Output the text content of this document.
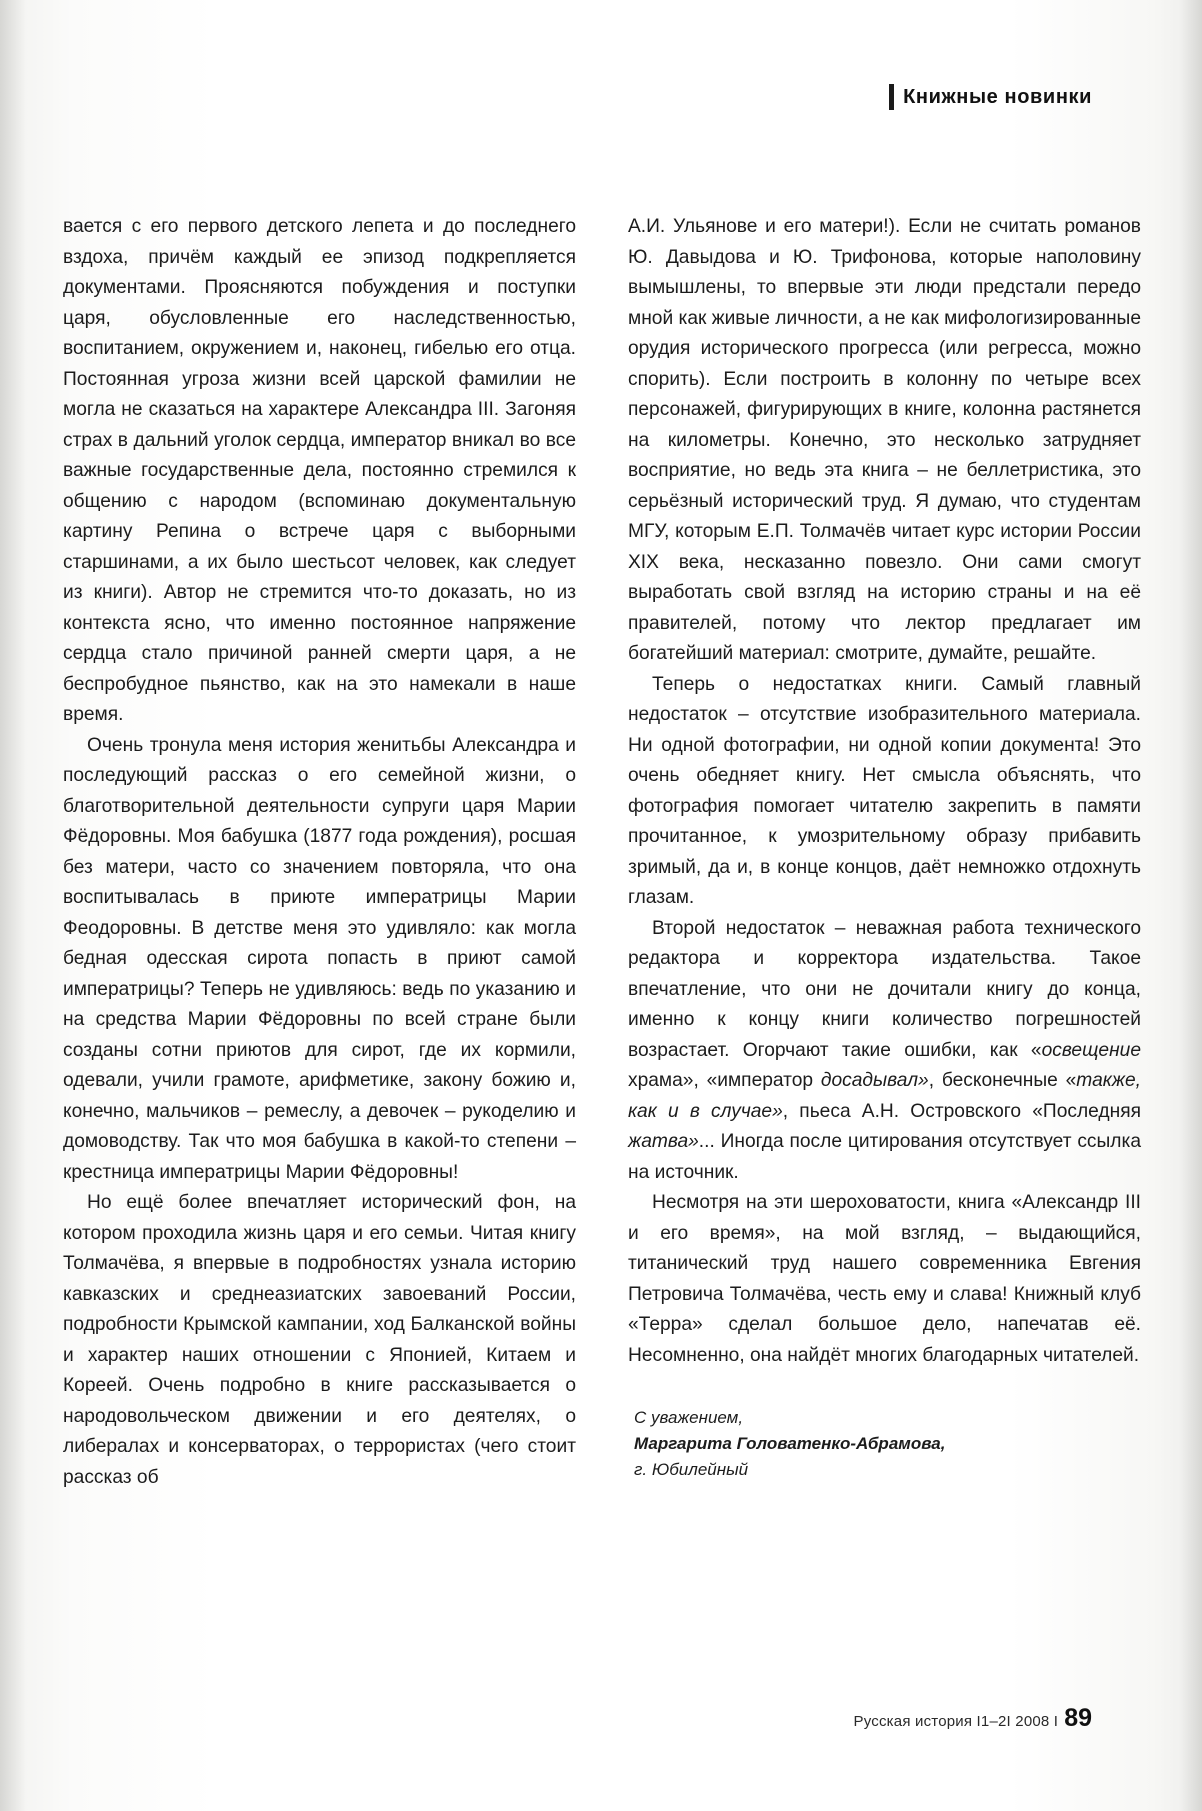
Книжные новинки

вается с его первого детского лепета и до последнего вздоха, причём каждый ее эпизод подкрепляется документами. Проясняются побуждения и поступки царя, обусловленные его наследственностью, воспитанием, окружением и, наконец, гибелью его отца. Постоянная угроза жизни всей царской фамилии не могла не сказаться на характере Александра III. Загоняя страх в дальний уголок сердца, император вникал во все важные государственные дела, постоянно стремился к общению с народом (вспоминаю документальную картину Репина о встрече царя с выборными старшинами, а их было шестьсот человек, как следует из книги). Автор не стремится что-то доказать, но из контекста ясно, что именно постоянное напряжение сердца стало причиной ранней смерти царя, а не беспробудное пьянство, как на это намекали в наше время.

Очень тронула меня история женитьбы Александра и последующий рассказ о его семейной жизни, о благотворительной деятельности супруги царя Марии Фёдоровны. Моя бабушка (1877 года рождения), росшая без матери, часто со значением повторяла, что она воспитывалась в приюте императрицы Марии Феодоровны. В детстве меня это удивляло: как могла бедная одесская сирота попасть в приют самой императрицы? Теперь не удивляюсь: ведь по указанию и на средства Марии Фёдоровны по всей стране были созданы сотни приютов для сирот, где их кормили, одевали, учили грамоте, арифметике, закону божию и, конечно, мальчиков – ремеслу, а девочек – рукоделию и домоводству. Так что моя бабушка в какой-то степени – крестница императрицы Марии Фёдоровны!

Но ещё более впечатляет исторический фон, на котором проходила жизнь царя и его семьи. Читая книгу Толмачёва, я впервые в подробностях узнала историю кавказских и среднеазиатских завоеваний России, подробности Крымской кампании, ход Балканской войны и характер наших отношении с Японией, Китаем и Кореей. Очень подробно в книге рассказывается о народовольческом движении и его деятелях, о либералах и консерваторах, о террористах (чего стоит рассказ об

А.И. Ульянове и его матери!). Если не считать романов Ю. Давыдова и Ю. Трифонова, которые наполовину вымышлены, то впервые эти люди предстали передо мной как живые личности, а не как мифологизированные орудия исторического прогресса (или регресса, можно спорить). Если построить в колонну по четыре всех персонажей, фигурирующих в книге, колонна растянется на километры. Конечно, это несколько затрудняет восприятие, но ведь эта книга – не беллетристика, это серьёзный исторический труд. Я думаю, что студентам МГУ, которым Е.П. Толмачёв читает курс истории России XIX века, несказанно повезло. Они сами смогут выработать свой взгляд на историю страны и на её правителей, потому что лектор предлагает им богатейший материал: смотрите, думайте, решайте.

Теперь о недостатках книги. Самый главный недостаток – отсутствие изобразительного материала. Ни одной фотографии, ни одной копии документа! Это очень обедняет книгу. Нет смысла объяснять, что фотография помогает читателю закрепить в памяти прочитанное, к умозрительному образу прибавить зримый, да и, в конце концов, даёт немножко отдохнуть глазам.

Второй недостаток – неважная работа технического редактора и корректора издательства. Такое впечатление, что они не дочитали книгу до конца, именно к концу книги количество погрешностей возрастает. Огорчают такие ошибки, как «освещение храма», «император досадывал», бесконечные «также, как и в случае», пьеса А.Н. Островского «Последняя жатва»... Иногда после цитирования отсутствует ссылка на источник.

Несмотря на эти шероховатости, книга «Александр III и его время», на мой взгляд, – выдающийся, титанический труд нашего современника Евгения Петровича Толмачёва, честь ему и слава! Книжный клуб «Терра» сделал большое дело, напечатав её. Несомненно, она найдёт многих благодарных читателей.

С уважением,
Маргарита Головатенко-Абрамова,
г. Юбилейный
Русская история I1–2I 2008 I 89
